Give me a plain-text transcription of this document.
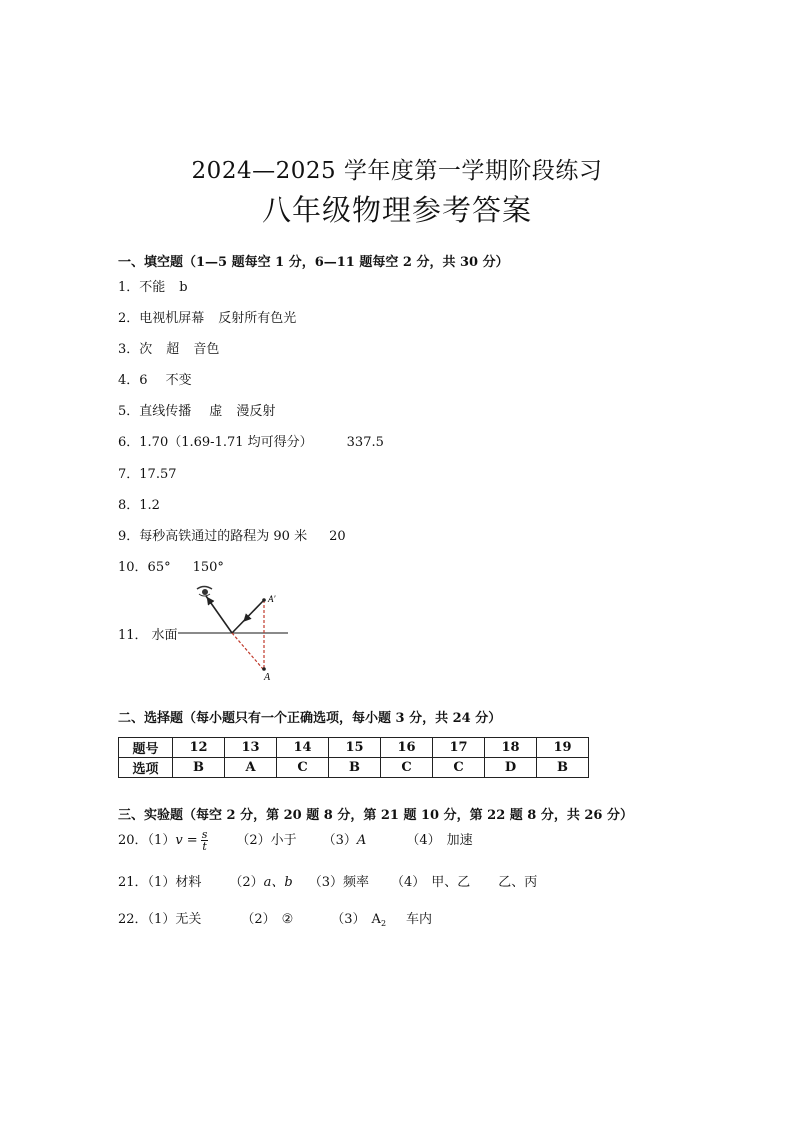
2024—2025 学年度第一学期阶段练习
八年级物理参考答案
一、填空题（1—5 题每空 1 分，6—11 题每空 2 分，共 30 分）
1．不能 b
2．电视机屏幕 反射所有色光
3．次 超 音色
4．6 不变
5．直线传播 虚 漫反射
6．1.70（1.69-1.71 均可得分）	337.5
7．17.57
8．1.2
9．每秒高铁通过的路程为 90 米 20
10．65° 150°
11． 水面
A′
A
二、选择题（每小题只有一个正确选项，每小题 3 分，共 24 分）
题号	12	13	14	15	16	17	18	19
选项	B	A	C	B	C	C	D	B
三、实验题（每空 2 分，第 20 题 8 分，第 21 题 10 分，第 22 题 8 分，共 26 分）
20．$(1)v = \frac{s}{t} (2)$小于 （3）A	（4） 加速
21．（1）材料 （2）a、b （3）频率 （4） 甲、乙 乙、丙
22．（1）无关	（2） ②	（3） $A_2$ 车内
